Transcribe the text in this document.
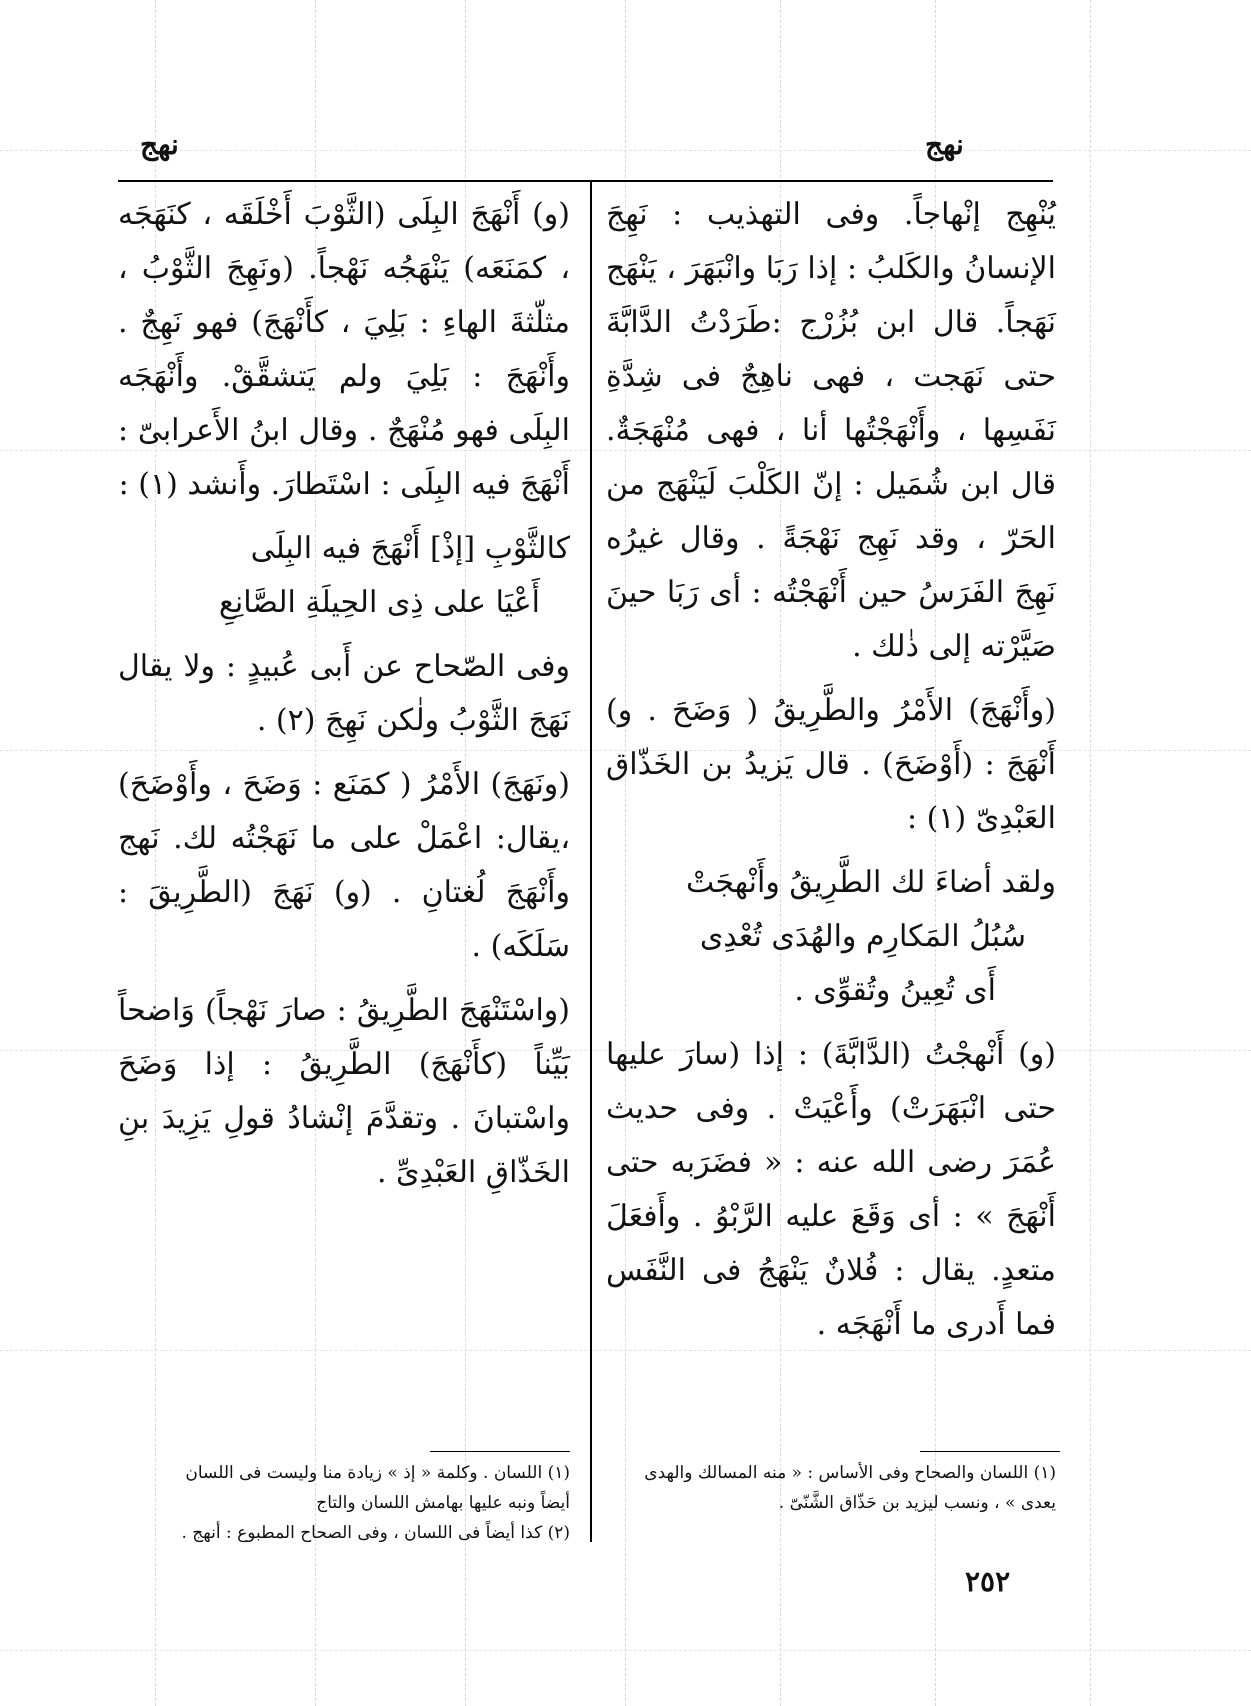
نهج
نهج

يُنْهِج إنْهاجاً. وفى التهذيب : نَهِجَ الإنسانُ والكَلبُ : إذا رَبَا وانْبَهَرَ ، يَنْهَج نَهَجاً. قال ابن بُزُرْج :طَرَدْتُ الدَّابَّةَ حتى نَهَجت ، فهى ناهِجٌ فى شِدَّةِ نَفَسِها ، وأَنْهَجْتُها أنا ، فهى مُنْهَجَةٌ. قال ابن شُمَيل : إنّ الكَلْبَ لَيَنْهَج من الحَرّ ، وقد نَهِج نَهْجَةً . وقال غيرُه نَهِجَ الفَرَسُ حين أَنْهَجْتُه : أى رَبَا حينَ صَيَّرْته إلى ذٰلك .

(وأَنْهَجَ) الأَمْرُ والطَّرِيقُ ( وَضَحَ . و) أَنْهَجَ : (أَوْضَحَ) . قال يَزيدُ بن الخَذّاق العَبْدِىّ (١) :

ولقد أضاءَ لك الطَّرِيقُ وأَنْهجَتْ
سُبُلُ المَكارِم والهُدَى تُعْدِى
أَى تُعِينُ وتُقوِّى .

(و) أَنْهجْتُ (الدَّابَّةَ) : إذا (سارَ عليها حتى انْبَهَرَتْ) وأَعْيَتْ . وفى حديث عُمَرَ رضى الله عنه : « فضَرَبه حتى أَنْهَجَ » : أى وَقَعَ عليه الرَّبْوُ . وأَفعَلَ متعدٍ. يقال : فُلانٌ يَنْهَجُ فى النَّفَس فما أَدرى ما أَنْهَجَه .

(و) أَنْهَجَ البِلَى (الثَّوْبَ أَخْلَقَه ، كنَهَجَه ، كمَنَعَه) يَنْهَجُه نَهْجاً. (ونَهِجَ الثَّوْبُ ، مثلّثةَ الهاءِ : بَلِيَ ، كأَنْهَجَ) فهو نَهِجٌ . وأَنْهَجَ : بَلِيَ ولم يَتشقَّقْ. وأَنْهَجَه البِلَى فهو مُنْهَجٌ . وقال ابنُ الأَعرابىّ : أَنْهَجَ فيه البِلَى : اسْتَطارَ. وأَنشد (١) :

كالثَّوْبِ [إذْ] أَنْهَجَ فيه البِلَى
أَعْيَا على ذِى الحِيلَةِ الصَّانِعِ

وفى الصّحاح عن أَبى عُبيدٍ : ولا يقال نَهَجَ الثَّوْبُ ولٰكن نَهِجَ (٢) .

(ونَهَجَ) الأَمْرُ ( كمَنَع : وَضَحَ ، وأَوْضَحَ) ،يقال: اعْمَلْ على ما نَهَجْتُه لك. نَهج وأَنْهَجَ لُغتانِ . (و) نَهَجَ (الطَّرِيقَ : سَلَكَه) .

(واسْتَنْهَجَ الطَّرِيقُ : صارَ نَهْجاً) وَاضحاً بَيِّناً (كأَنْهَجَ) الطَّرِيقُ : إذا وَضَحَ واسْتبانَ . وتقدَّمَ إنْشادُ قولِ يَزِيدَ بنِ الخَذّاقِ العَبْدِىِّ .

(١) اللسان والصحاح وفى الأساس : « منه المسالك والهدى
يعدى » ، ونسب ليزيد بن حَذّاق الشَّنّىّ .
(١) اللسان . وكلمة « إذ » زيادة منا وليست فى اللسان
أيضاً ونبه عليها بهامش اللسان والتاج
(٢) كذا أيضاً فى اللسان ، وفى الصحاح المطبوع : أنهج .
٢٥٢
